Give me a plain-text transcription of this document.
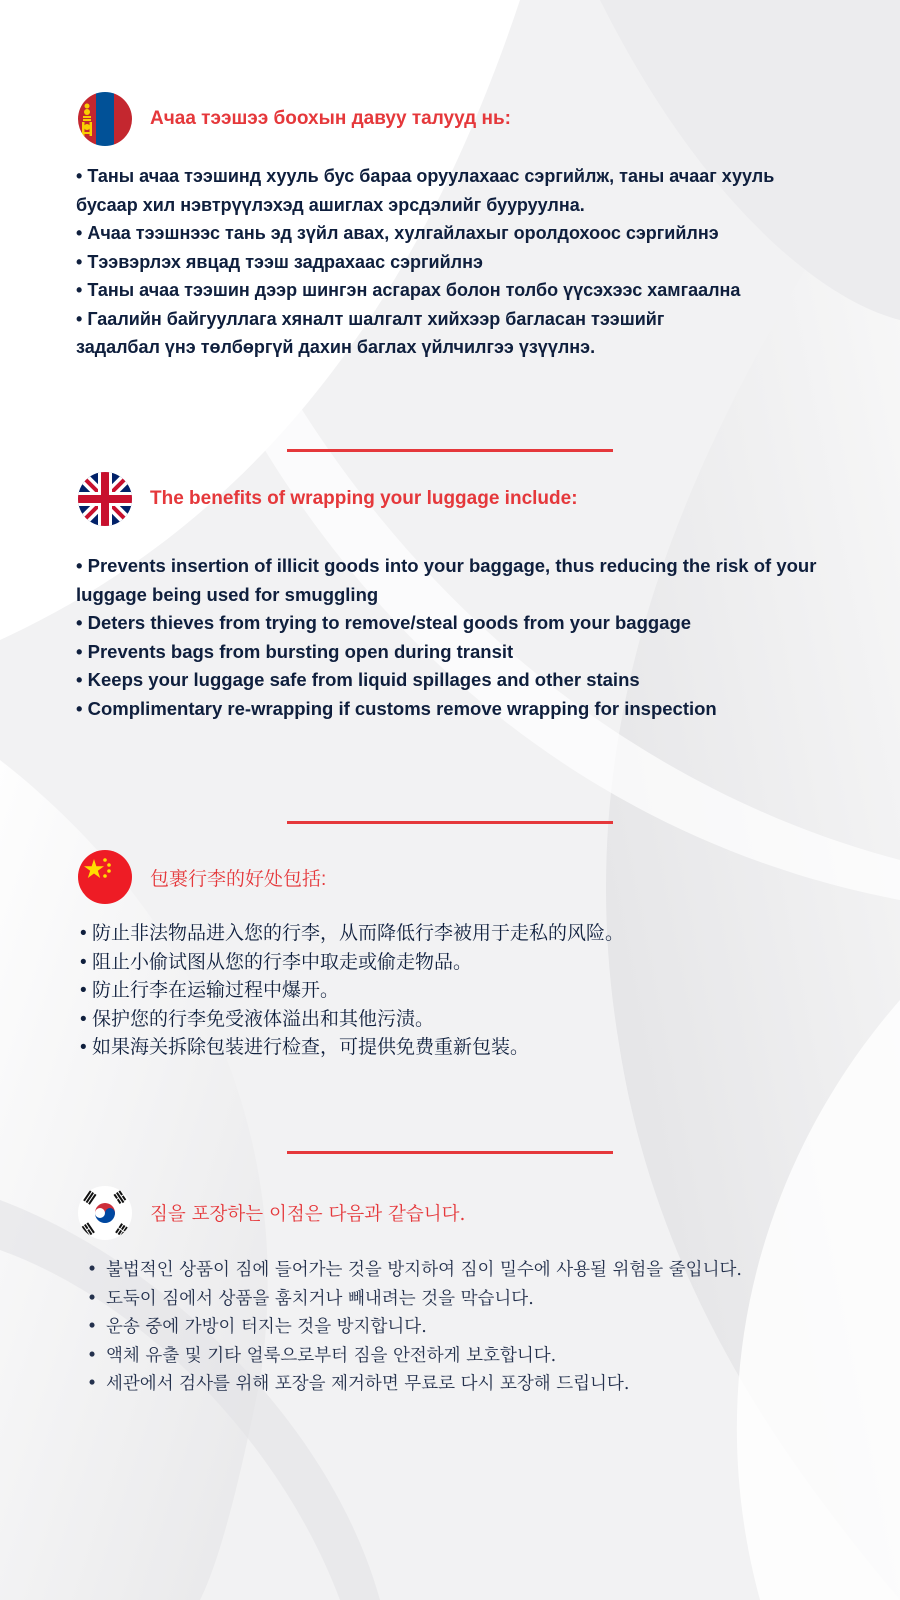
Ачаа тээшээ боохын давуу талууд нь:
• Таны ачаа тээшинд хууль бус бараа оруулахаас сэргийлж, таны ачааг хууль бусаар хил нэвтрүүлэхэд ашиглах эрсдэлийг бууруулна.
• Ачаа тээшнээс тань эд зүйл авах, хулгайлахыг оролдохоос сэргийлнэ
• Тээвэрлэх явцад тээш задрахаас сэргийлнэ
• Таны ачаа тээшин дээр шингэн асгарах болон толбо үүсэхээс хамгаална
• Гаалийн байгууллага хяналт шалгалт хийхээр багласан тээшийг задалбал үнэ төлбөргүй дахин баглах үйлчилгээ үзүүлнэ.
The benefits of wrapping your luggage include:
• Prevents insertion of illicit goods into your baggage, thus reducing the risk of your luggage being used for smuggling
• Deters thieves from trying to remove/steal goods from your baggage
• Prevents bags from bursting open during transit
• Keeps your luggage safe from liquid spillages and other stains
• Complimentary re-wrapping if customs remove wrapping for inspection
包裹行李的好处包括:
• 防止非法物品进入您的行李，从而降低行李被用于走私的风险。
• 阻止小偷试图从您的行李中取走或偷走物品。
• 防止行李在运输过程中爆开。
• 保护您的行李免受液体溢出和其他污渍。
• 如果海关拆除包装进行检查，可提供免费重新包装。
짐을 포장하는 이점은 다음과 같습니다.
• 불법적인 상품이 짐에 들어가는 것을 방지하여 짐이 밀수에 사용될 위험을 줄입니다.
• 도둑이 짐에서 상품을 훔치거나 빼내려는 것을 막습니다.
• 운송 중에 가방이 터지는 것을 방지합니다.
• 액체 유출 및 기타 얼룩으로부터 짐을 안전하게 보호합니다.
• 세관에서 검사를 위해 포장을 제거하면 무료로 다시 포장해 드립니다.
